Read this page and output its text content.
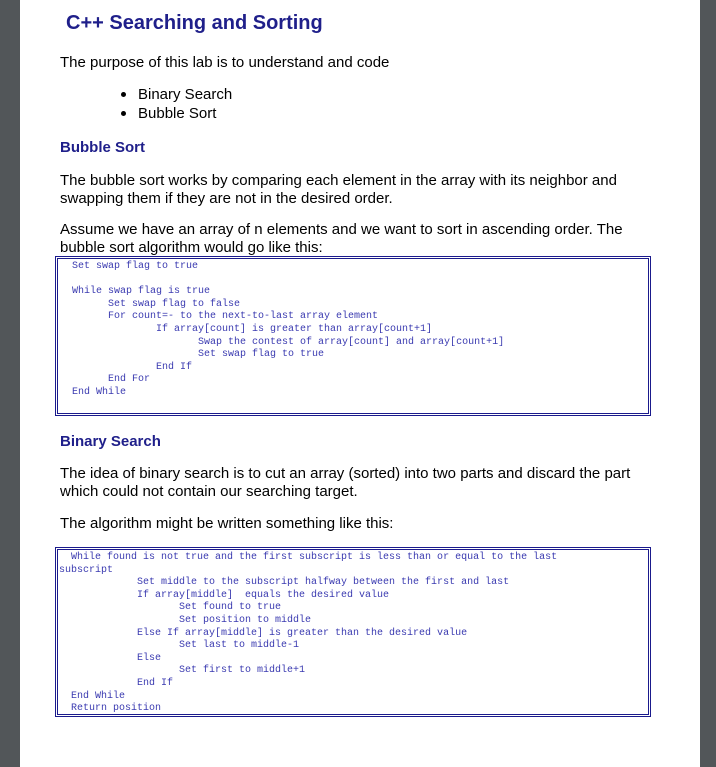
C++ Searching and Sorting

The purpose of this lab is to understand and code

Binary Search
Bubble Sort
Bubble Sort

The bubble sort works by comparing each element in the array with its neighbor and
swapping them if they are not in the desired order.

Assume we have an array of n elements and we want to sort in ascending order. The
bubble sort algorithm would go like this:

Set swap flag to true

While swap flag is true
Set swap flag to false
For count=- to the next-to-last array element
If array[count] is greater than array[count+1]
Swap the contest of array[count] and array[count+1]
Set swap flag to true
End If
End For
End While
Binary Search

The idea of binary search is to cut an array (sorted) into two parts and discard the part
which could not contain our searching target.

The algorithm might be written something like this:

While found is not true and the first subscript is less than or equal to the last
subscript
Set middle to the subscript halfway between the first and last
If array[middle]  equals the desired value
Set found to true
Set position to middle
Else If array[middle] is greater than the desired value
Set last to middle-1
Else
Set first to middle+1
End If
End While
Return position
